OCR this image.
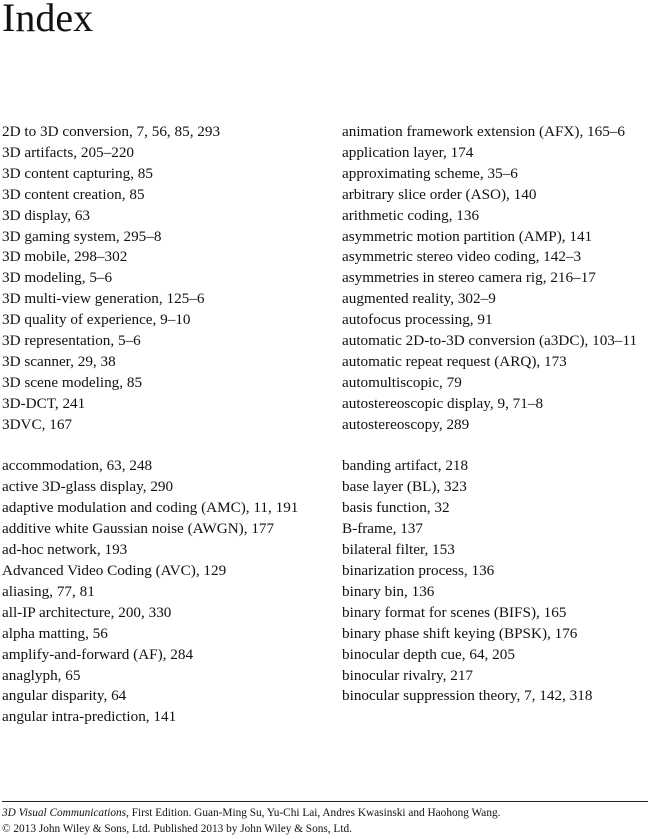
Index
2D to 3D conversion, 7, 56, 85, 293
3D artifacts, 205–220
3D content capturing, 85
3D content creation, 85
3D display, 63
3D gaming system, 295–8
3D mobile, 298–302
3D modeling, 5–6
3D multi-view generation, 125–6
3D quality of experience, 9–10
3D representation, 5–6
3D scanner, 29, 38
3D scene modeling, 85
3D-DCT, 241
3DVC, 167
accommodation, 63, 248
active 3D-glass display, 290
adaptive modulation and coding (AMC), 11, 191
additive white Gaussian noise (AWGN), 177
ad-hoc network, 193
Advanced Video Coding (AVC), 129
aliasing, 77, 81
all-IP architecture, 200, 330
alpha matting, 56
amplify-and-forward (AF), 284
anaglyph, 65
angular disparity, 64
angular intra-prediction, 141
animation framework extension (AFX), 165–6
application layer, 174
approximating scheme, 35–6
arbitrary slice order (ASO), 140
arithmetic coding, 136
asymmetric motion partition (AMP), 141
asymmetric stereo video coding, 142–3
asymmetries in stereo camera rig, 216–17
augmented reality, 302–9
autofocus processing, 91
automatic 2D-to-3D conversion (a3DC), 103–11
automatic repeat request (ARQ), 173
automultiscopic, 79
autostereoscopic display, 9, 71–8
autostereoscopy, 289
banding artifact, 218
base layer (BL), 323
basis function, 32
B-frame, 137
bilateral filter, 153
binarization process, 136
binary bin, 136
binary format for scenes (BIFS), 165
binary phase shift keying (BPSK), 176
binocular depth cue, 64, 205
binocular rivalry, 217
binocular suppression theory, 7, 142, 318
3D Visual Communications, First Edition. Guan-Ming Su, Yu-Chi Lai, Andres Kwasinski and Haohong Wang.
© 2013 John Wiley & Sons, Ltd. Published 2013 by John Wiley & Sons, Ltd.
